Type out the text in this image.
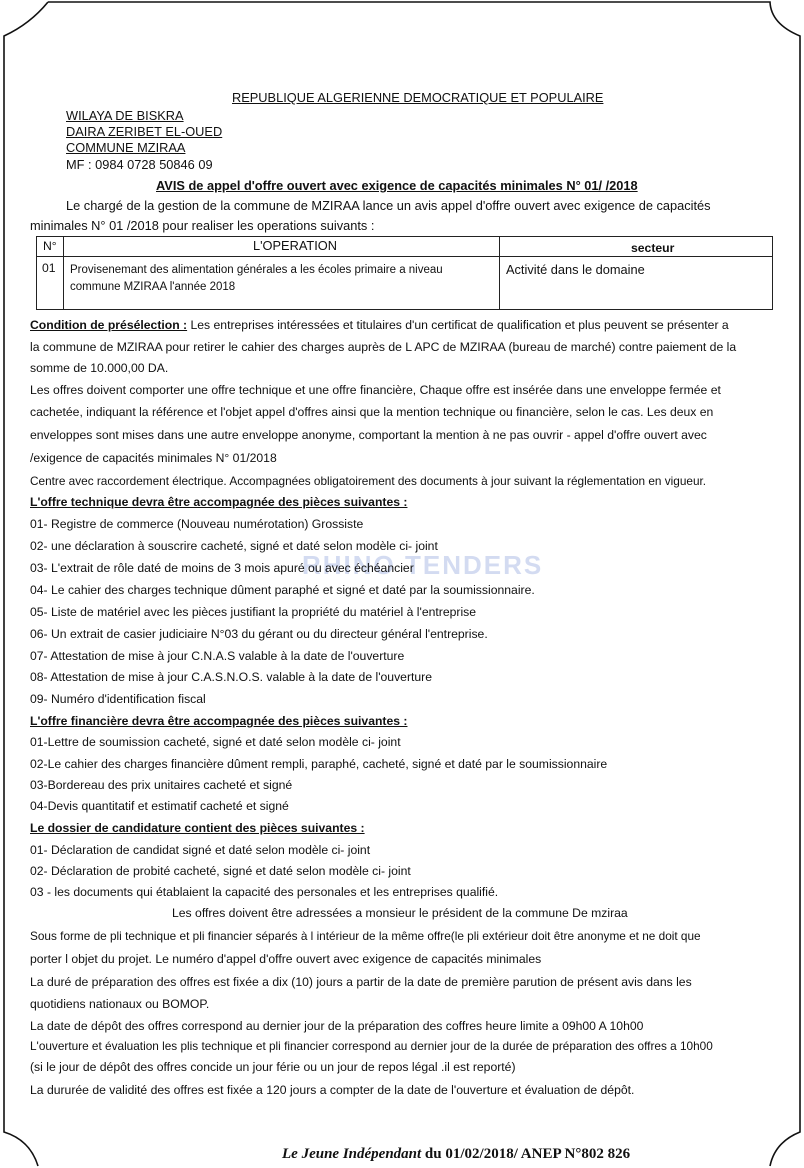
RHINO TENDERS
REPUBLIQUE ALGERIENNE DEMOCRATIQUE ET POPULAIRE
WILAYA DE BISKRA
DAIRA ZERIBET EL-OUED
COMMUNE MZIRAA
MF : 0984 0728 50846 09
AVIS de appel d'offre ouvert avec exigence de capacités minimales N° 01/ /2018
Le chargé de la gestion de la commune de MZIRAA lance un avis appel d'offre ouvert avec exigence de capacités
minimales N° 01 /2018 pour realiser les operations suivants :
N°	L'OPERATION	secteur
01 Provisenemant des alimentation générales a les écoles primaire a niveau
commune MZIRAA l'année 2018
Activité dans le domaine
Condition de présélection : Les entreprises intéressées et titulaires d'un certificat de qualification et plus peuvent se présenter a
la commune de MZIRAA pour retirer le cahier des charges auprès de L APC de MZIRAA (bureau de marché) contre paiement de la
somme de 10.000,00 DA.
Les offres doivent comporter une offre technique et une offre financière, Chaque offre est insérée dans une enveloppe fermée et
cachetée, indiquant la référence et l'objet appel d'offres ainsi que la mention technique ou financière, selon le cas. Les deux en
enveloppes sont mises dans une autre enveloppe anonyme, comportant la mention à ne pas ouvrir - appel d'offre ouvert avec
/exigence de capacités minimales N° 01/2018
Centre avec raccordement électrique. Accompagnées obligatoirement des documents à jour suivant la réglementation en vigueur.
L'offre technique devra être accompagnée des pièces suivantes :
01- Registre de commerce (Nouveau numérotation) Grossiste
02- une déclaration à souscrire cacheté, signé et daté selon modèle ci- joint
03- L'extrait de rôle daté de moins de 3 mois apuré ou avec échéancier
04- Le cahier des charges technique dûment paraphé et signé et daté par la soumissionnaire.
05- Liste de matériel avec les pièces justifiant la propriété du matériel à l'entreprise
06- Un extrait de casier judiciaire N°03 du gérant ou du directeur général l'entreprise.
07- Attestation de mise à jour C.N.A.S valable à la date de l'ouverture
08- Attestation de mise à jour C.A.S.N.O.S. valable à la date de l'ouverture
09- Numéro d'identification fiscal
L'offre financière devra être accompagnée des pièces suivantes :
01-Lettre de soumission cacheté, signé et daté selon modèle ci- joint
02-Le cahier des charges financière dûment rempli, paraphé, cacheté, signé et daté par le soumissionnaire
03-Bordereau des prix unitaires cacheté et signé
04-Devis quantitatif et estimatif cacheté et signé
Le dossier de candidature contient des pièces suivantes :
01- Déclaration de candidat signé et daté selon modèle ci- joint
02- Déclaration de probité cacheté, signé et daté selon modèle ci- joint
03 - les documents qui établaient la capacité des personales et les entreprises qualifié.
Les offres doivent être adressées a monsieur le président de la commune De mziraa
Sous forme de pli technique et pli financier séparés à l intérieur de la même offre(le pli extérieur doit être anonyme et ne doit que
porter l objet du projet. Le numéro d'appel d'offre ouvert avec exigence de capacités minimales
La duré de préparation des offres est fixée a dix (10) jours a partir de la date de première parution de présent avis dans les
quotidiens nationaux ou BOMOP.
La date de dépôt des offres correspond au dernier jour de la préparation des coffres heure limite a 09h00 A 10h00
L'ouverture et évaluation les plis technique et pli financier correspond au dernier jour de la durée de préparation des offres a 10h00
(si le jour de dépôt des offres concide un jour férie ou un jour de repos légal .il est reporté)
La dururée de validité des offres est fixée a 120 jours a compter de la date de l'ouverture et évaluation de dépôt.
Le Jeune Indépendant du 01/02/2018/ ANEP N°802 826
